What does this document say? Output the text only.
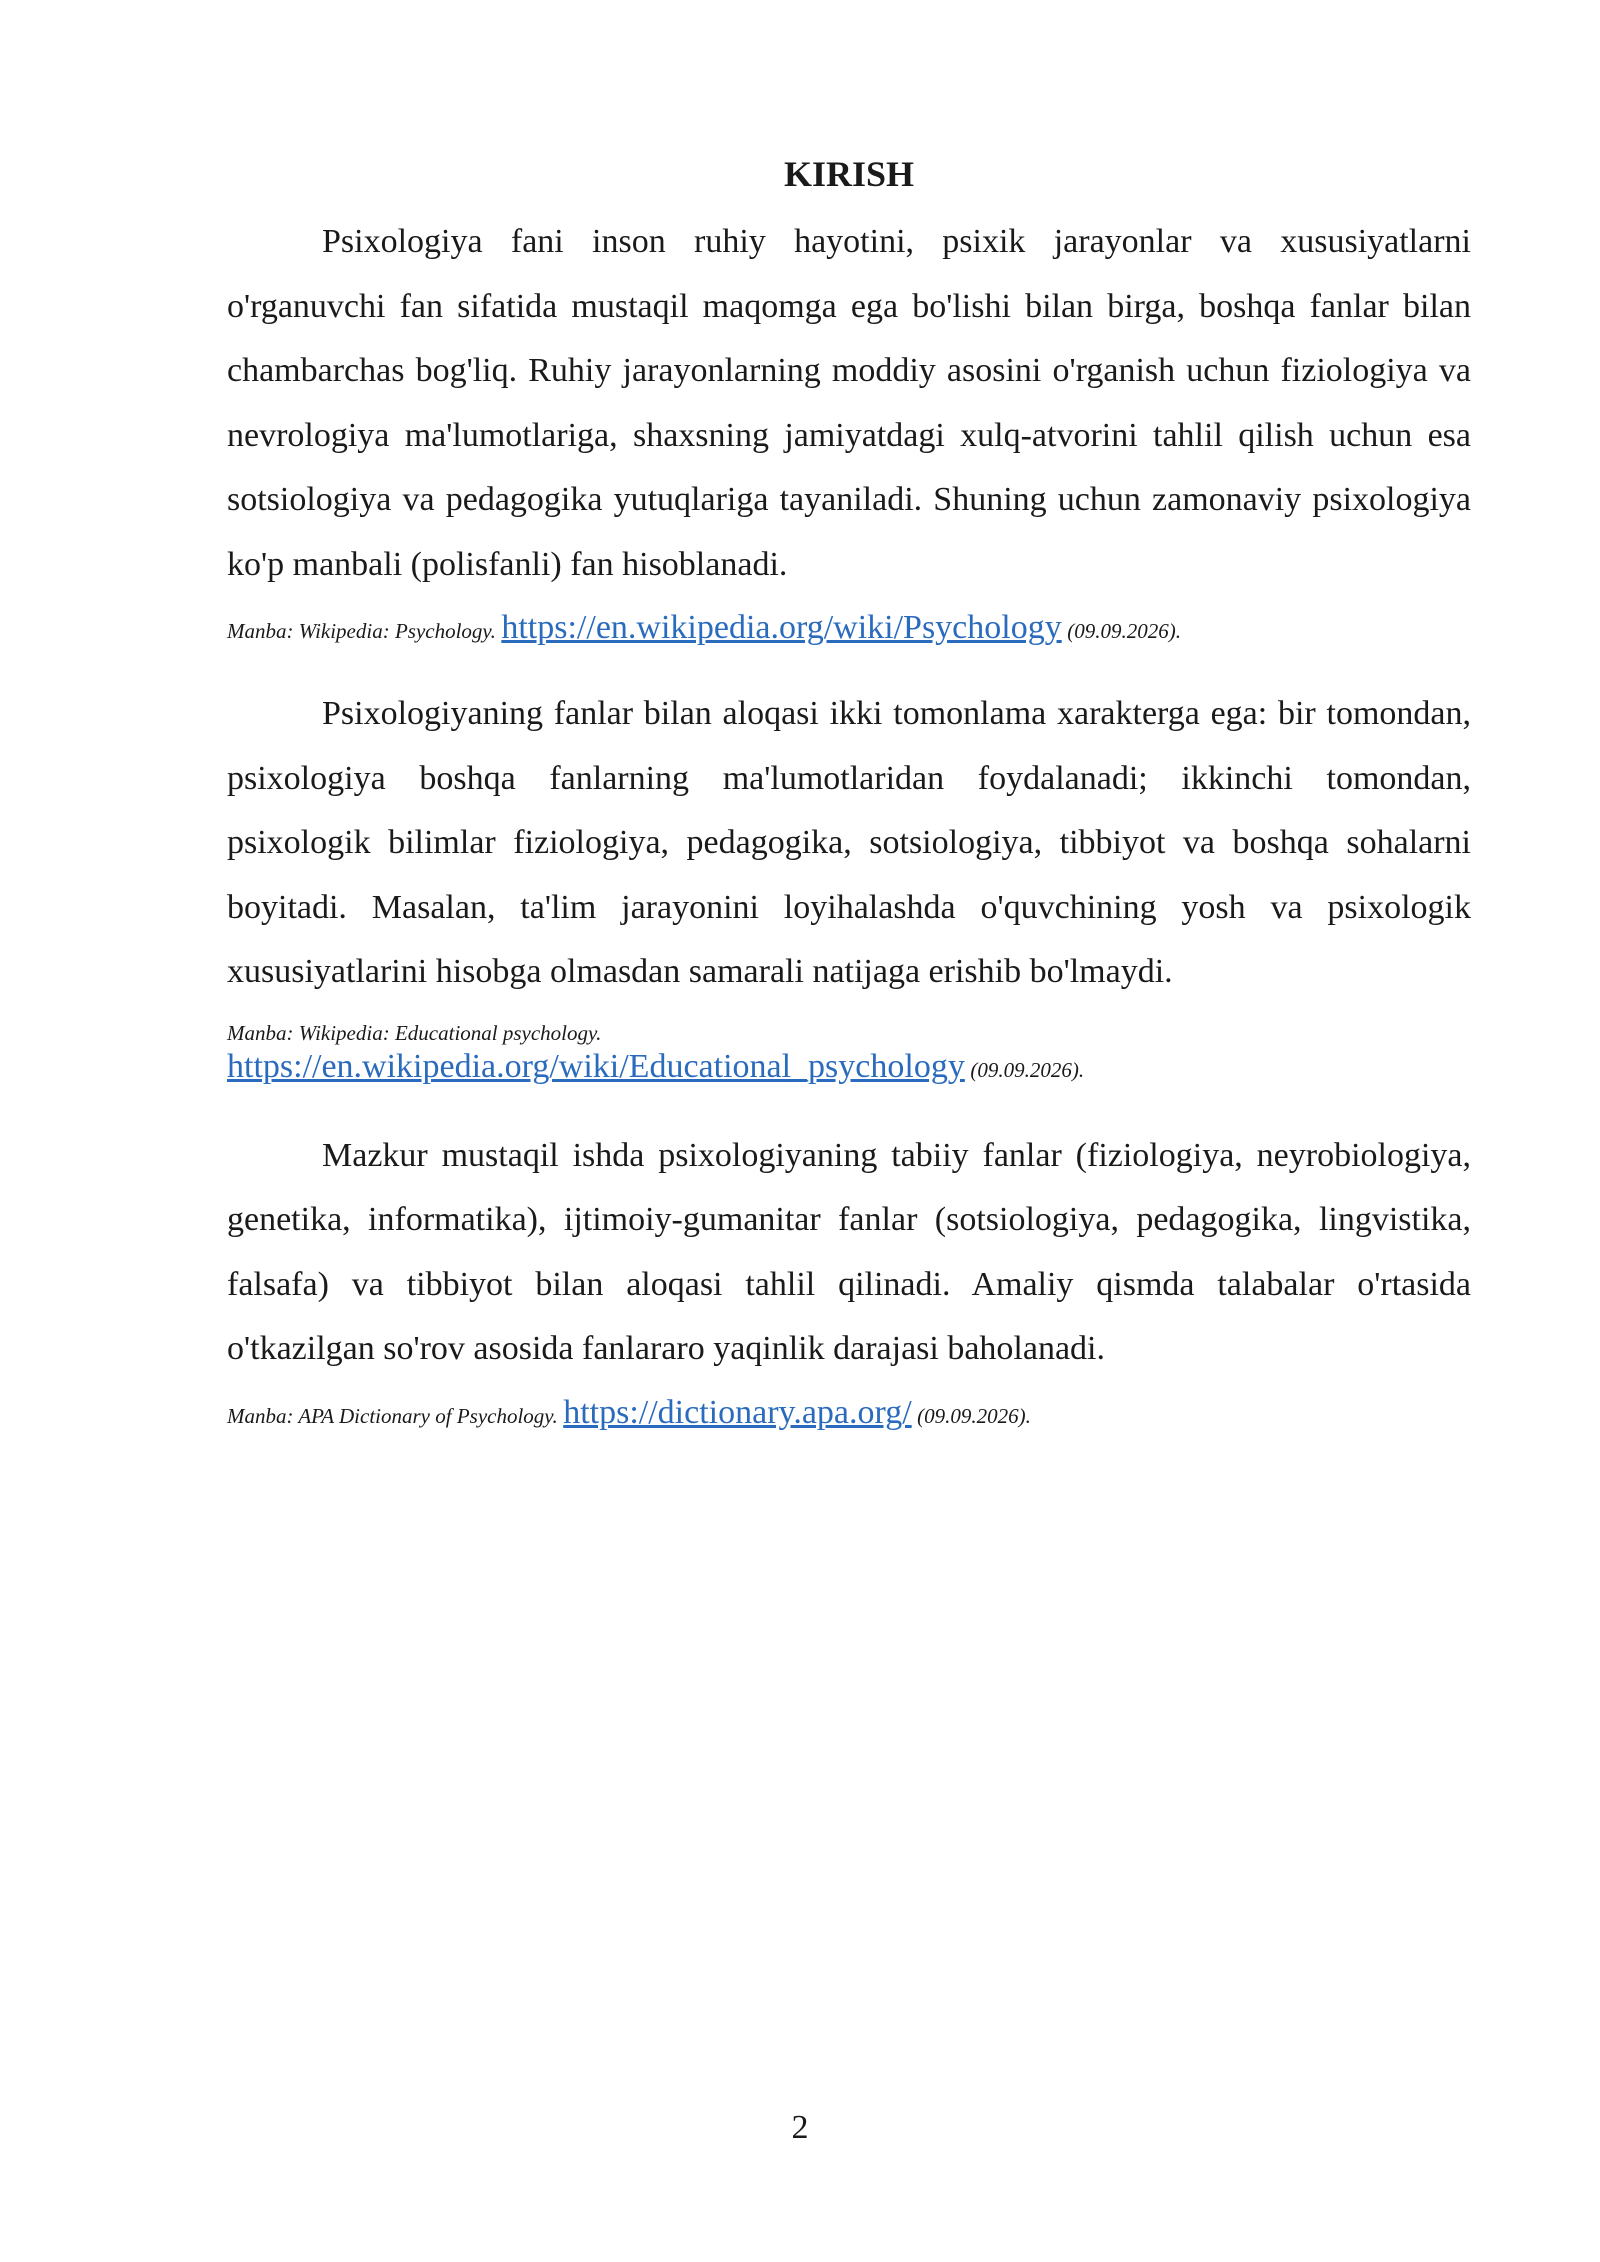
KIRISH

Psixologiya fani inson ruhiy hayotini, psixik jarayonlar va xususiyatlarni o'rganuvchi fan sifatida mustaqil maqomga ega bo'lishi bilan birga, boshqa fanlar bilan chambarchas bog'liq. Ruhiy jarayonlarning moddiy asosini o'rganish uchun fiziologiya va nevrologiya ma'lumotlariga, shaxsning jamiyatdagi xulq-atvorini tahlil qilish uchun esa sotsiologiya va pedagogika yutuqlariga tayaniladi. Shuning uchun zamonaviy psixologiya ko'p manbali (polisfanli) fan hisoblanadi.

Manba: Wikipedia: Psychology. https://en.wikipedia.org/wiki/Psychology (09.09.2026).

Psixologiyaning fanlar bilan aloqasi ikki tomonlama xarakterga ega: bir tomondan, psixologiya boshqa fanlarning ma'lumotlaridan foydalanadi; ikkinchi tomondan, psixologik bilimlar fiziologiya, pedagogika, sotsiologiya, tibbiyot va boshqa sohalarni boyitadi. Masalan, ta'lim jarayonini loyihalashda o'quvchining yosh va psixologik xususiyatlarini hisobga olmasdan samarali natijaga erishib bo'lmaydi.

Manba: Wikipedia: Educational psychology.
https://en.wikipedia.org/wiki/Educational_psychology (09.09.2026).

Mazkur mustaqil ishda psixologiyaning tabiiy fanlar (fiziologiya, neyrobiologiya, genetika, informatika), ijtimoiy-gumanitar fanlar (sotsiologiya, pedagogika, lingvistika, falsafa) va tibbiyot bilan aloqasi tahlil qilinadi. Amaliy qismda talabalar o'rtasida o'tkazilgan so'rov asosida fanlararo yaqinlik darajasi baholanadi.

Manba: APA Dictionary of Psychology. https://dictionary.apa.org/ (09.09.2026).
2
